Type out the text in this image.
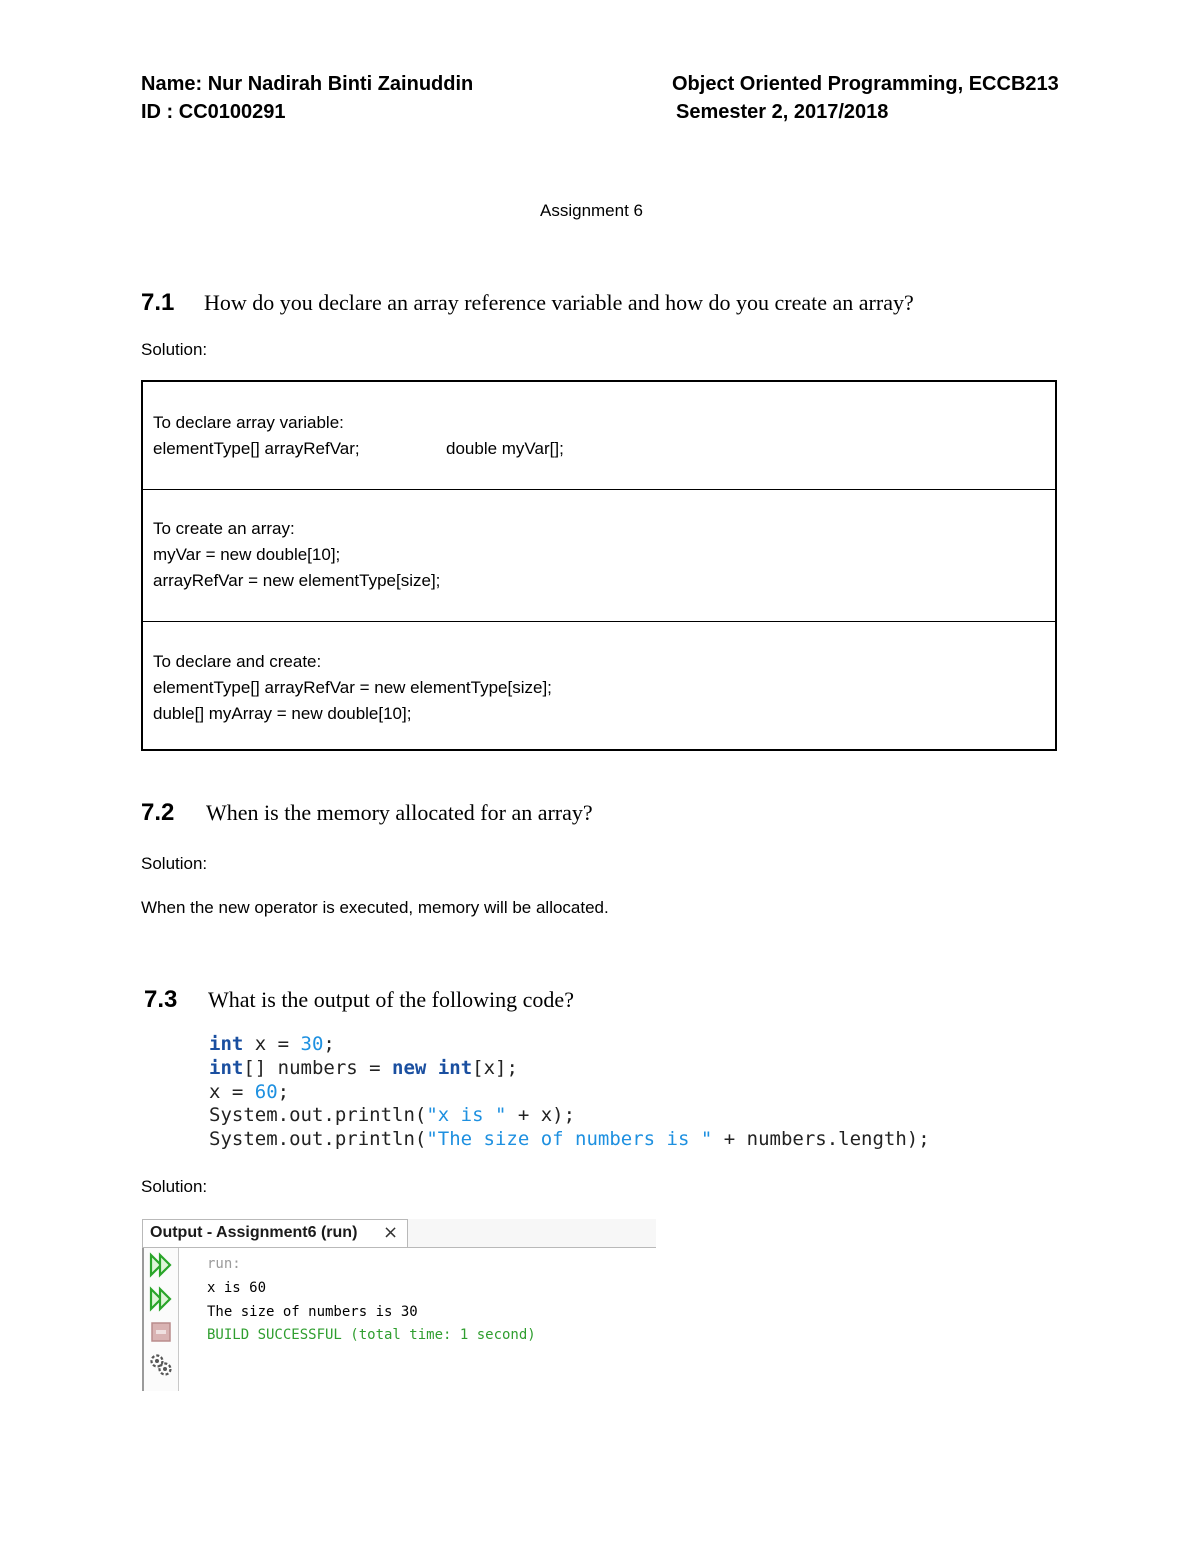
Name: Nur Nadirah Binti Zainuddin
ID : CC0100291
Object Oriented Programming, ECCB213
Semester 2, 2017/2018
Assignment 6
7.1 How do you declare an array reference variable and how do you create an array?
Solution:
To declare array variable:
elementType[] arrayRefVar;	double myVar[];
To create an array:
myVar = new double[10];
arrayRefVar = new elementType[size];
To declare and create:
elementType[] arrayRefVar = new elementType[size];
duble[] myArray = new double[10];
7.2 When is the memory allocated for an array?
Solution:
When the new operator is executed, memory will be allocated.
7.3 What is the output of the following code?
int x = 30;
int[] numbers = new int[x];
x = 60;
System.out.println("x is " + x);
System.out.println("The size of numbers is " + numbers.length);
Solution:
Output - Assignment6 (run) ×
run:
x is 60
The size of numbers is 30
BUILD SUCCESSFUL (total time: 1 second)
